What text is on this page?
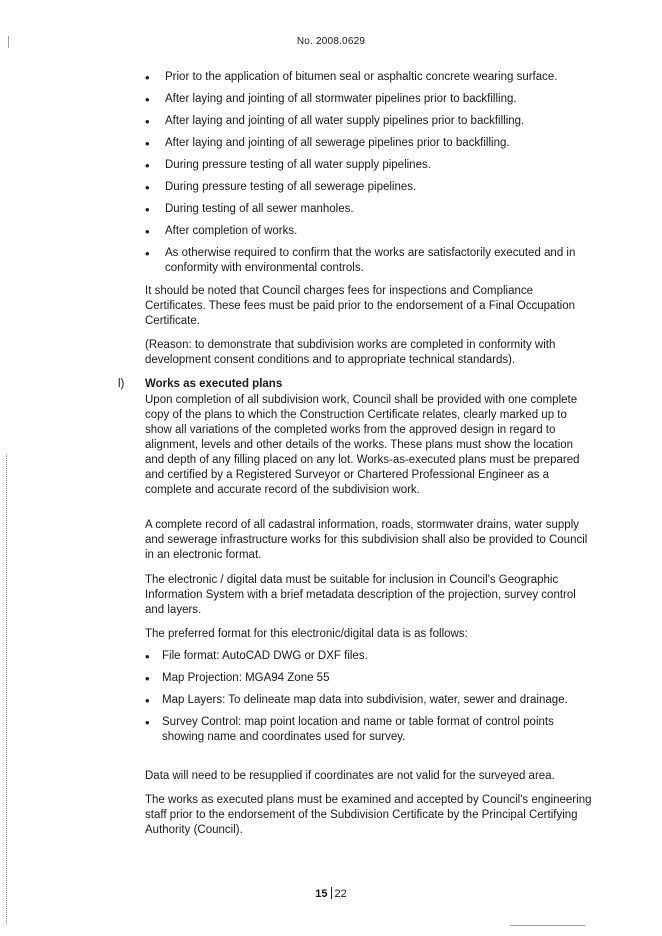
No. 2008.0629
• Prior to the application of bitumen seal or asphaltic concrete wearing surface.
• After laying and jointing of all stormwater pipelines prior to backfilling.
• After laying and jointing of all water supply pipelines prior to backfilling.
• After laying and jointing of all sewerage pipelines prior to backfilling.
• During pressure testing of all water supply pipelines.
• During pressure testing of all sewerage pipelines.
• During testing of all sewer manholes.
• After completion of works.
• As otherwise required to confirm that the works are satisfactorily executed and in conformity with environmental controls.

It should be noted that Council charges fees for inspections and Compliance Certificates. These fees must be paid prior to the endorsement of a Final Occupation Certificate.

(Reason: to demonstrate that subdivision works are completed in conformity with development consent conditions and to appropriate technical standards).

l) Works as executed plans

Upon completion of all subdivision work, Council shall be provided with one complete copy of the plans to which the Construction Certificate relates, clearly marked up to show all variations of the completed works from the approved design in regard to alignment, levels and other details of the works. These plans must show the location and depth of any filling placed on any lot. Works-as-executed plans must be prepared and certified by a Registered Surveyor or Chartered Professional Engineer as a complete and accurate record of the subdivision work.

A complete record of all cadastral information, roads, stormwater drains, water supply and sewerage infrastructure works for this subdivision shall also be provided to Council in an electronic format.

The electronic / digital data must be suitable for inclusion in Council's Geographic Information System with a brief metadata description of the projection, survey control and layers.

The preferred format for this electronic/digital data is as follows:

• File format: AutoCAD DWG or DXF files.
• Map Projection: MGA94 Zone 55
• Map Layers: To delineate map data into subdivision, water, sewer and drainage.
• Survey Control: map point location and name or table format of control points showing name and coordinates used for survey.

Data will need to be resupplied if coordinates are not valid for the surveyed area.

The works as executed plans must be examined and accepted by Council's engineering staff prior to the endorsement of the Subdivision Certificate by the Principal Certifying Authority (Council).

15 22
